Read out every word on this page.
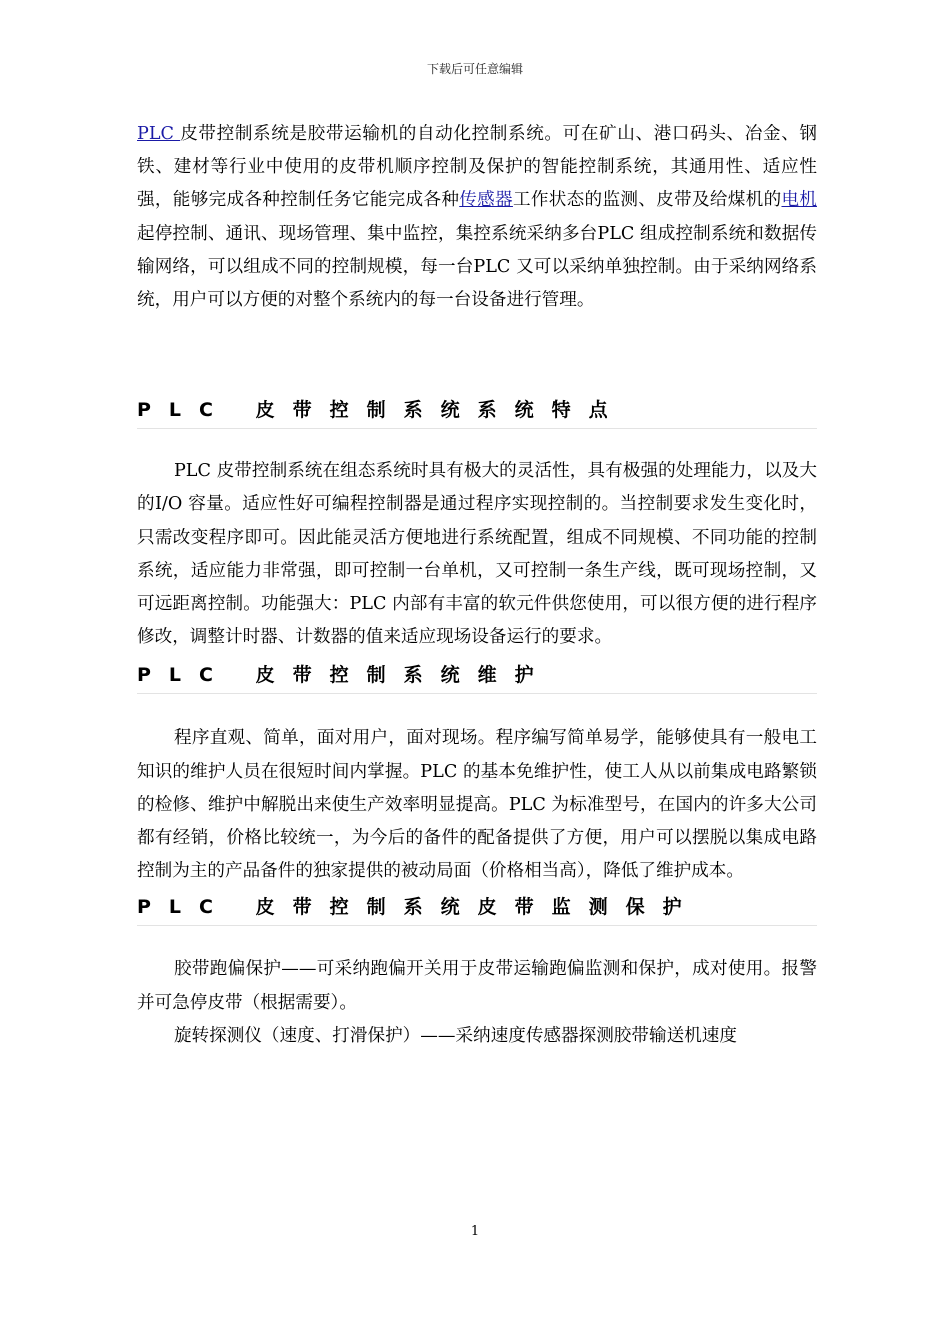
下载后可任意编辑

PLC 皮带控制系统是胶带运输机的自动化控制系统。可在矿山、港口码头、冶金、钢铁、建材等行业中使用的皮带机顺序控制及保护的智能控制系统，其通用性、适应性强，能够完成各种控制任务它能完成各种传感器工作状态的监测、皮带及给煤机的电机起停控制、通讯、现场管理、集中监控，集控系统采纳多台PLC 组成控制系统和数据传输网络，可以组成不同的控制规模，每一台PLC 又可以采纳单独控制。由于采纳网络系统，用户可以方便的对整个系统内的每一台设备进行管理。

PLC 皮带控制系统系统特点

PLC 皮带控制系统在组态系统时具有极大的灵活性，具有极强的处理能力，以及大的I/O 容量。适应性好可编程控制器是通过程序实现控制的。当控制要求发生变化时，只需改变程序即可。因此能灵活方便地进行系统配置，组成不同规模、不同功能的控制系统，适应能力非常强，即可控制一台单机，又可控制一条生产线，既可现场控制，又可远距离控制。功能强大：PLC 内部有丰富的软元件供您使用，可以很方便的进行程序修改，调整计时器、计数器的值来适应现场设备运行的要求。

PLC 皮带控制系统维护

程序直观、简单，面对用户，面对现场。程序编写简单易学，能够使具有一般电工知识的维护人员在很短时间内掌握。PLC 的基本免维护性，使工人从以前集成电路繁锁的检修、维护中解脱出来使生产效率明显提高。PLC 为标准型号，在国内的许多大公司都有经销，价格比较统一，为今后的备件的配备提供了方便，用户可以摆脱以集成电路控制为主的产品备件的独家提供的被动局面（价格相当高），降低了维护成本。

PLC 皮带控制系统皮带监测保护

胶带跑偏保护——可采纳跑偏开关用于皮带运输跑偏监测和保护，成对使用。报警并可急停皮带（根据需要）。

旋转探测仪（速度、打滑保护）——采纳速度传感器探测胶带输送机速度

1
